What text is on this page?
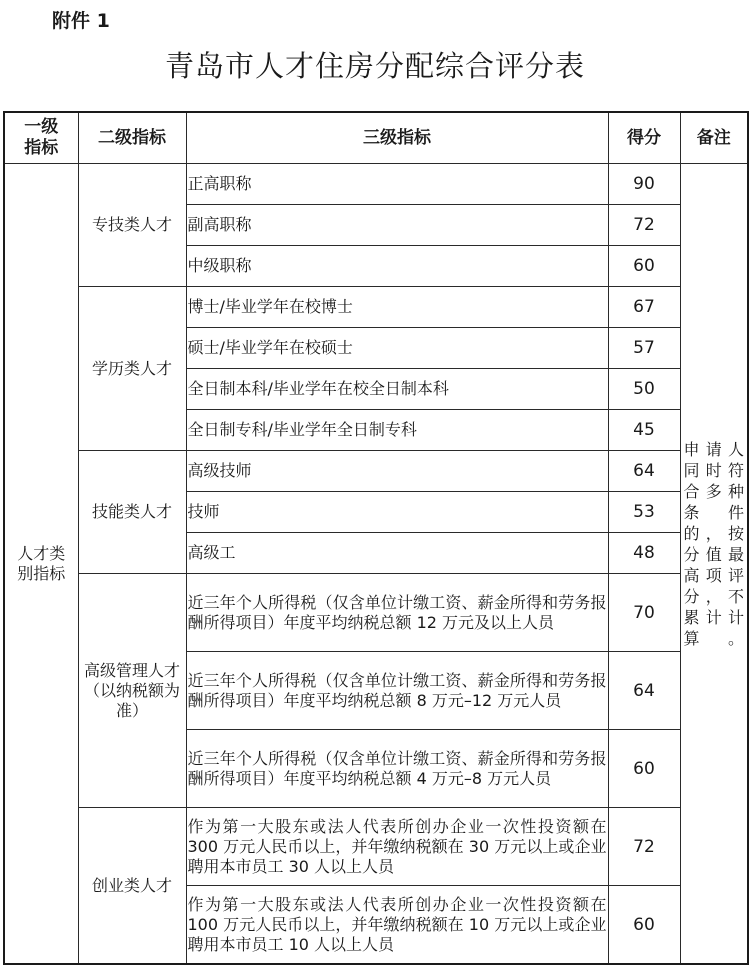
附件 1
青岛市人才住房分配综合评分表
一级指标	二级指标	三级指标	得分	备注

人才类别指标	专技类人才	正高职称	90	申请人同时符合多种条件的，按分值最高项评分，不累计计算。

		副高职称	72	
		中级职称	60	
	学历类人才	博士/毕业学年在校博士	67	
		硕士/毕业学年在校硕士	57	
		全日制本科/毕业学年在校全日制本科	50	
		全日制专科/毕业学年全日制专科	45	
	技能类人才	高级技师	64	
		技师	53	
		高级工	48	
	高级管理人才（以纳税额为准）	近三年个人所得税（仅含单位计缴工资、薪金所得和劳务报酬所得项目）年度平均纳税总额 12 万元及以上人员	70	
		近三年个人所得税（仅含单位计缴工资、薪金所得和劳务报酬所得项目）年度平均纳税总额 8 万元–12 万元人员	64	
		近三年个人所得税（仅含单位计缴工资、薪金所得和劳务报酬所得项目）年度平均纳税总额 4 万元–8 万元人员	60	
	创业类人才	作为第一大股东或法人代表所创办企业一次性投资额在 300 万元人民币以上，并年缴纳税额在 30 万元以上或企业聘用本市员工 30 人以上人员	72	
		作为第一大股东或法人代表所创办企业一次性投资额在 100 万元人民币以上，并年缴纳税额在 10 万元以上或企业聘用本市员工 10 人以上人员	60	
